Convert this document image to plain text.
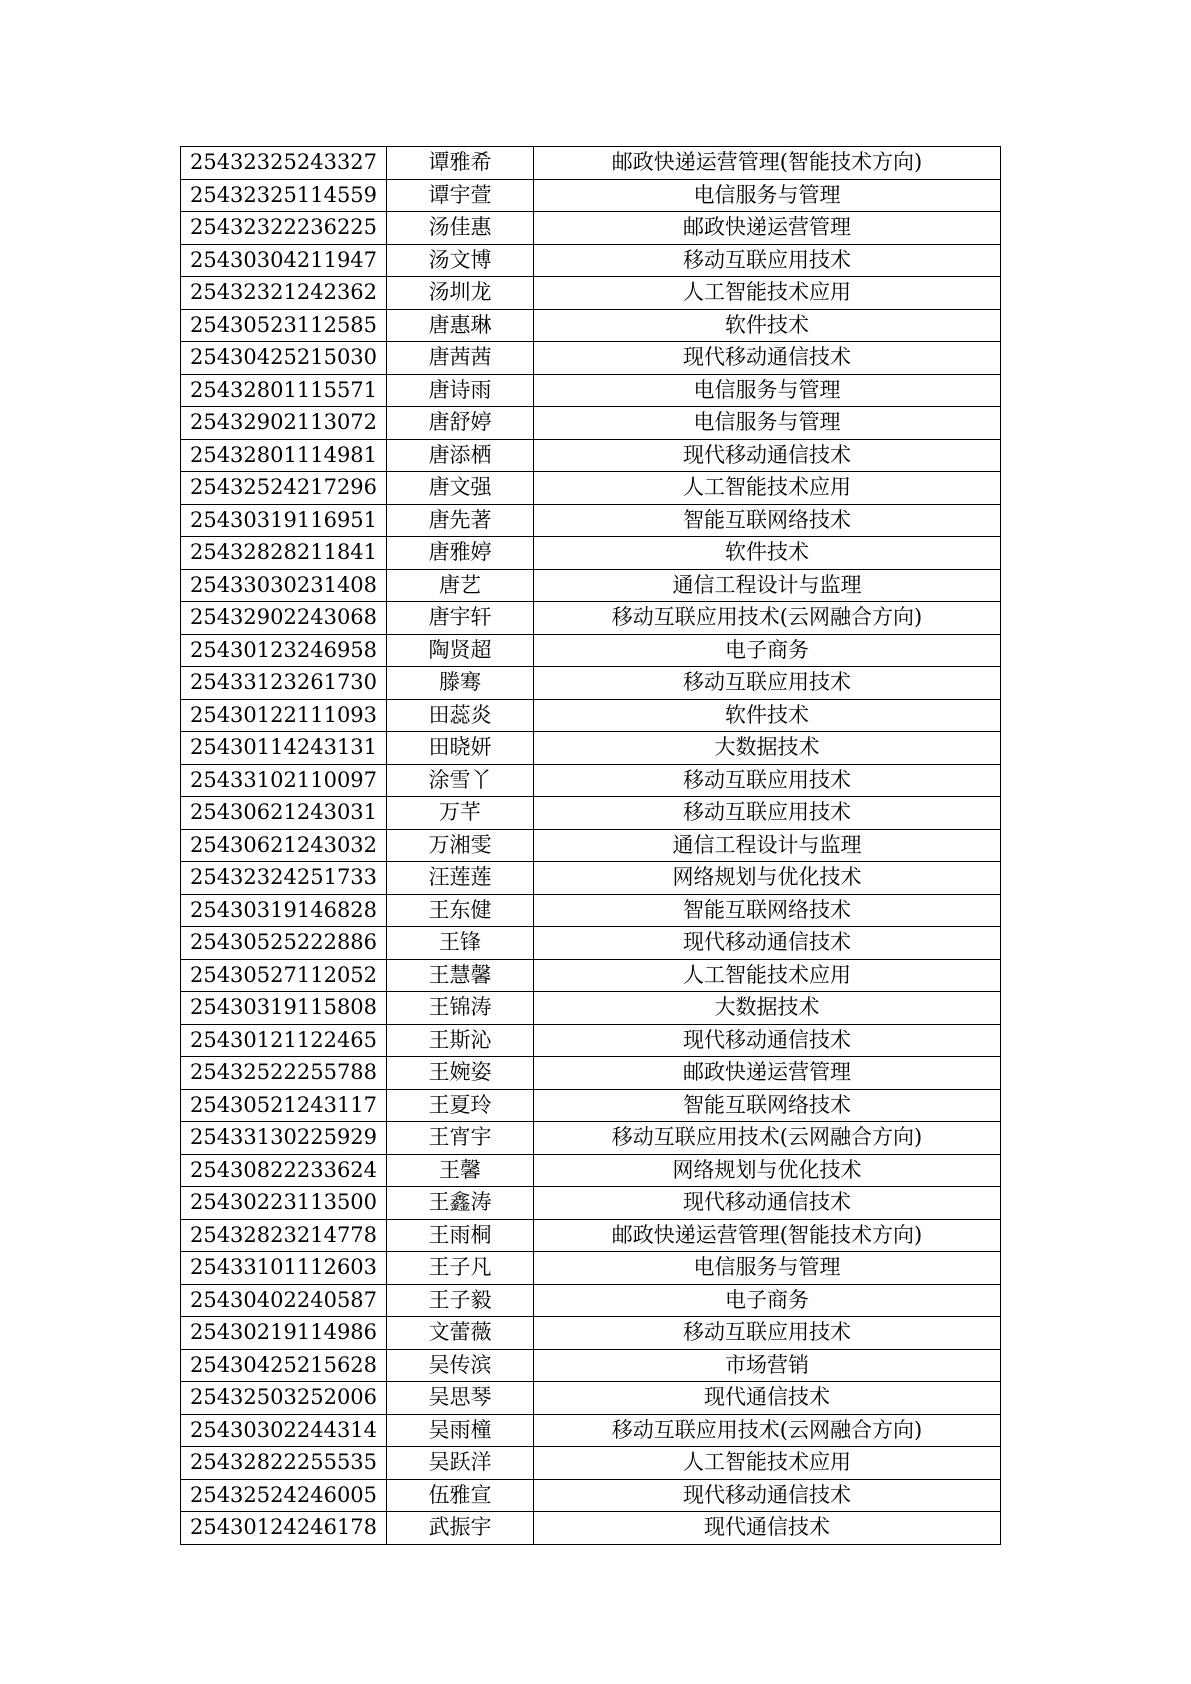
25432325243327	谭雅希	邮政快递运营管理(智能技术方向)
25432325114559	谭宇萱	电信服务与管理
25432322236225	汤佳惠	邮政快递运营管理
25430304211947	汤文博	移动互联应用技术
25432321242362	汤圳龙	人工智能技术应用
25430523112585	唐惠琳	软件技术
25430425215030	唐茜茜	现代移动通信技术
25432801115571	唐诗雨	电信服务与管理
25432902113072	唐舒婷	电信服务与管理
25432801114981	唐添栖	现代移动通信技术
25432524217296	唐文强	人工智能技术应用
25430319116951	唐先著	智能互联网络技术
25432828211841	唐雅婷	软件技术
25433030231408	唐艺	通信工程设计与监理
25432902243068	唐宇轩	移动互联应用技术(云网融合方向)
25430123246958	陶贤超	电子商务
25433123261730	滕骞	移动互联应用技术
25430122111093	田蕊炎	软件技术
25430114243131	田晓妍	大数据技术
25433102110097	涂雪丫	移动互联应用技术
25430621243031	万芊	移动互联应用技术
25430621243032	万湘雯	通信工程设计与监理
25432324251733	汪莲莲	网络规划与优化技术
25430319146828	王东健	智能互联网络技术
25430525222886	王锋	现代移动通信技术
25430527112052	王慧馨	人工智能技术应用
25430319115808	王锦涛	大数据技术
25430121122465	王斯沁	现代移动通信技术
25432522255788	王婉姿	邮政快递运营管理
25430521243117	王夏玲	智能互联网络技术
25433130225929	王宵宇	移动互联应用技术(云网融合方向)
25430822233624	王馨	网络规划与优化技术
25430223113500	王鑫涛	现代移动通信技术
25432823214778	王雨桐	邮政快递运营管理(智能技术方向)
25433101112603	王子凡	电信服务与管理
25430402240587	王子毅	电子商务
25430219114986	文蕾薇	移动互联应用技术
25430425215628	吴传滨	市场营销
25432503252006	吴思琴	现代通信技术
25430302244314	吴雨橦	移动互联应用技术(云网融合方向)
25432822255535	吴跃洋	人工智能技术应用
25432524246005	伍雅宣	现代移动通信技术
25430124246178	武振宇	现代通信技术
